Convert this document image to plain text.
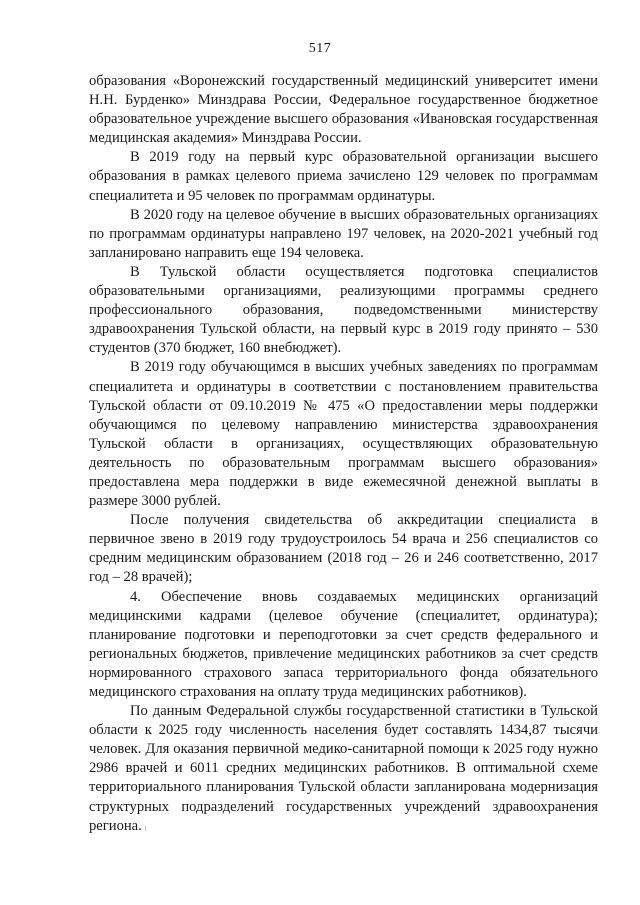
517

образования «Воронежский государственный медицинский университет имени Н.Н. Бурденко» Минздрава России, Федеральное государственное бюджетное образовательное учреждение высшего образования «Ивановская государственная медицинская академия» Минздрава России.

В 2019 году на первый курс образовательной организации высшего образования в рамках целевого приема зачислено 129 человек по программам специалитета и 95 человек по программам ординатуры.

В 2020 году на целевое обучение в высших образовательных организациях по программам ординатуры направлено 197 человек, на 2020-2021 учебный год запланировано направить еще 194 человека.

В Тульской области осуществляется подготовка специалистов образовательными организациями, реализующими программы среднего профессионального образования, подведомственными министерству здравоохранения Тульской области, на первый курс в 2019 году принято – 530 студентов (370 бюджет, 160 внебюджет).

В 2019 году обучающимся в высших учебных заведениях по программам специалитета и ординатуры в соответствии с постановлением правительства Тульской области от 09.10.2019 № 475 «О предоставлении меры поддержки обучающимся по целевому направлению министерства здравоохранения Тульской области в организациях, осуществляющих образовательную деятельность по образовательным программам высшего образования» предоставлена мера поддержки в виде ежемесячной денежной выплаты в размере 3000 рублей.

После получения свидетельства об аккредитации специалиста в первичное звено в 2019 году трудоустроилось 54 врача и 256 специалистов со средним медицинским образованием (2018 год – 26 и 246 соответственно, 2017 год – 28 врачей);

4. Обеспечение вновь создаваемых медицинских организаций медицинскими кадрами (целевое обучение (специалитет, ординатура); планирование подготовки и переподготовки за счет средств федерального и региональных бюджетов, привлечение медицинских работников за счет средств нормированного страхового запаса территориального фонда обязательного медицинского страхования на оплату труда медицинских работников).

По данным Федеральной службы государственной статистики в Тульской области к 2025 году численность населения будет составлять 1434,87 тысячи человек. Для оказания первичной медико-санитарной помощи к 2025 году нужно 2986 врачей и 6011 средних медицинских работников. В оптимальной схеме территориального планирования Тульской области запланирована модернизация структурных подразделений государственных учреждений здравоохранения региона.
